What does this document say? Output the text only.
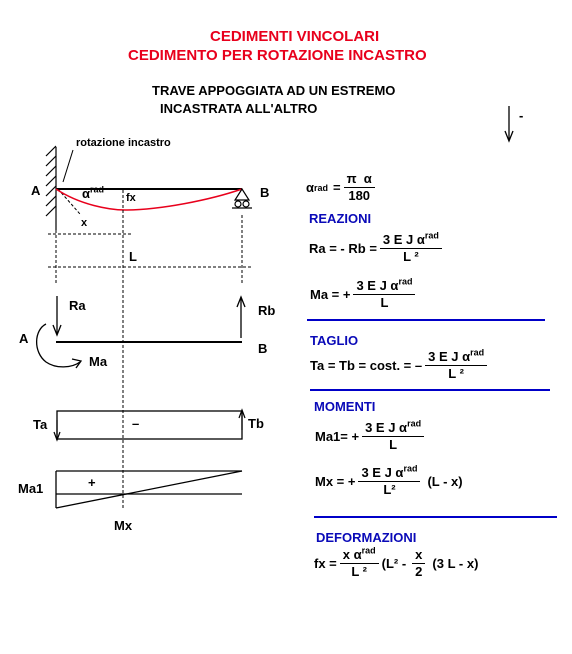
CEDIMENTI VINCOLARI
CEDIMENTO PER ROTAZIONE INCASTRO
TRAVE APPOGGIATA AD UN ESTREMO
INCASTRATA ALL'ALTRO	-
rotazione incastro
A	B
$\alpha^{rad}$
fx
x
L
Ra	Rb
A
B
Ma
Ta	Tb
–
Ma1	+
Mx
α rad = $\frac{\text{π α}}{180}$
REAZIONI
Ra = - $Rb = \frac{3 E J \alpha^{rad}}{\text{L ²}}$
Ma = + $\frac{3 E J \alpha^{rad}}{L}$
TAGLIO
Ta = Tb = cost. = – $\frac{3 E J \alpha^{rad}}{\text{L ²}}$
MOMENTI
$Ma1= + \frac{3 E J \alpha^{rad}}{L}$
Mx = + $\frac{3 E J \alpha^{rad}}{\text{L²}} (L - x)$
DEFORMAZIONI
fx = $\frac{x \alpha^{rad}}{\text{L ²}} (L^2 - \frac{x}{2} (3$ L - x)
